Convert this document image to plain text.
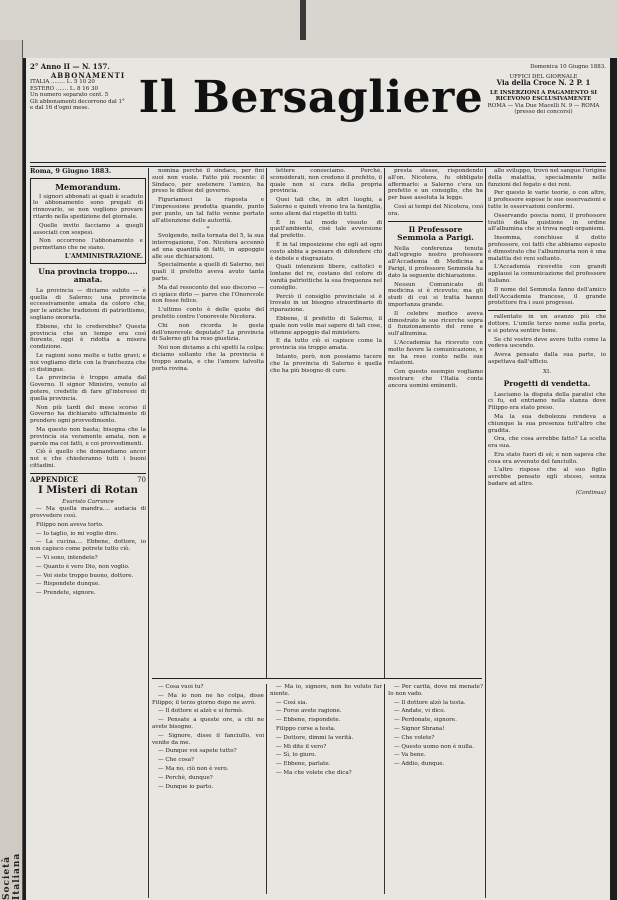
Società Italiana
2° Anno II — N. 157.
ABBONAMENTI
ITALIA ........ L. 5 10 20
ESTERO ....... L. 8 16 30
Un numero separato cent. 5
Gli abbonamenti decorrono dal 1°
e dal 16 d'ogni mese.	Il Bersagliere
Domenica 10 Giugno 1883.
UFFICI DEL GIORNALE
Via della Croce N. 2 P. 1
LE INSERZIONI A PAGAMENTO SI RICEVONO ESCLUSIVAMENTE
ROMA — Via Due Macelli N. 9 — ROMA
(presso dei concorsi)
Roma, 9 Giugno 1883.
Memorandum.

I signori abbonati ai quali è scaduto lo abbonamento sono pregati di rinnovarlo, se non vogliono provare ritardo nella spedizione del giornale.

Quelle invito facciamo a quegli associati con sospesi.

Non occorrono l'abbonamento e permettano che ne siano.

L'AMMINISTRAZIONE.
Una provincia troppo.... amata.

La provincia — diciamo subito — è quella di Salerno; una provincia eccessivamente amata da coloro che, per le antiche tradizioni di patriottismo, sogliano onorarla.

Ebbene, chi lo crederebbe? Questa provincia che un tempo era così fiorente, oggi è ridotta a misera condizione.

Le ragioni sono molte e tutte gravi; e noi vogliamo dirle con la franchezza che ci distingue.

La provincia è troppo amata dal Governo. Il signor Ministro, venuto al potere, credette di fare gl'interessi di quella provincia.

Non più tardi del mese scorso il Governo ha dichiarato ufficialmente di prendere ogni provvedimento.

Ma questo non basta; bisogna che la provincia sia veramente amata, non a parole ma coi fatti, e coi provvedimenti.

Ciò è quello che domandiamo ancor noi e che chiederanno tutti i buoni cittadini.

APPENDICE	70
I Misteri di Rotan
Evaristo Carrance

— Ma quella mandra.... audacia di provvedere così.

Filippo non aveva torto.

— Io taglio, io mi voglio dire.

— La cucina.... Ebbene, dottore, io non capisco come potrete tutto ciò.

— Vi sono, intendete?

— Quanto è vero Dio, non voglio.

— Voi siete troppo buono, dottore.

— Rispondete dunque.

— Prendete, signore.

nomina perchè il sindaco, per fini suoi non vuole. Fatto più recente: il Sindaco, per sostenere l'amico, ha preso le difese del governo.

Figuriamoci la risposta e l'impressione prodotta quando, punto per punto, un tal fatto venne portato all'attenzione delle autorità.

*

Svolgendo, nella tornata del 5, la sua interrogazione, l'on. Nicotera accennò ad una quantità di fatti, in appoggio alle sue dichiarazioni.

Specialmente a quelli di Salerno, nei quali il prefetto aveva avuto tanta parte.

Ma dal resoconto del suo discorso — ci spiace dirlo — parve che l'Onorevole non fosse felice.

L'ultimo conto è delle quote del prefetto contro l'onorevole Nicotera.

Chi non ricorda le gesta dell'onorevole deputato? La provincia di Salerno gli ha reso giustizia.

Noi non diciamo a chi spetti la colpa; diciamo soltanto che la provincia è troppo amata, e che l'amore talvolta porta rovina.

lettere conosciamo. Perchè, sconsiderati, non credono il prefetto, il quale non si cura della propria provincia.

Quei tali che, in altri luoghi, a Salerno e quindi vivono tra la famiglia, sono alieni dal rispetto di tutti.

È in tal modo vissuto di quell'ambiente, cioè tale avversione dal prefetto.

È in tal imposizione che egli ad ogni costo abbia a pensare di difendere chi è debole e disgraziato.

Quali intenzioni libere, cattolici e lontane del re, costano del colore di vanità patriottiche la sua frequenza nel consiglio.

Perciò il consiglio provinciale si è trovato in un bisogno straordinario di riparazione.

Ebbene, il prefetto di Salerno, il quale non volle mai sapere di tali cose, ottenne appoggio dal ministero.

E da tutto ciò si capisce come la provincia sia troppo amata.

Intanto, però, non possiamo tacere che la provincia di Salerno è quella che ha più bisogno di cure.

presta stesse, rispondendo all'on. Nicotera, fu obbligato affermarlo: a Salerno c'era un prefetto e un consiglio, che ha per base assoluta la legge.

Così ai tempi del Nicotera, così ora.

Il Professore Semmola a Parigi.

Nella conferenza tenuta dall'egregio nostro professore all'Accademia di Medicina a Parigi, il professore Semmola ha dato la seguente dichiarazione.

Nessun Comunicato di medicina si è ricevuto; ma gli studi di cui si tratta hanno importanza grande.

Il celebre medico aveva dimostrato le sue ricerche sopra il funzionamento del rene e sull'albumina.

L'Accademia ha ricevuto con molto favore la comunicazione, e ne ha reso conto nelle sue relazioni.

Con questo esempio vogliamo mostrare che l'Italia conta ancora uomini eminenti.

allo sviluppo, trovò nel sangue l'origine della malattia, specialmente nelle funzioni del fegato e dei reni.

Per questo le varie teorie, o con altre, il professore espose le sue osservazioni e tutte le osservazioni conformi.

Osservando poscia nomi, il professore trattò della quistione in ordine all'albumina che si trova negli organismi.

Insomma, conchiuse il dotto professore, coi fatti che abbiamo esposto è dimostrato che l'albuminuria non è una malattia dei reni soltanto.

L'Accademia ricevette con grandi applausi la comunicazione del professore italiano.

Il nome del Semmola fanno dell'amico dell'Accademia francese, il grande protettore fra i suoi progressi.

rallentato in un avanzo più che dottore. L'umile terzo nome sulla porta, e si poteva sentire bene.

Se chi vostro deve avere tutto come la vedeva uscendo.

Aveva pensato dalla sua parte, io aspettava dall'ufficio.

XI.
Progetti di vendetta.

Lasciamo la disputa della paralisi che ci fu, ed entriamo nella stanza dove Filippo era stato preso.

Ma la sua debolezza rendeva a chiunque la sua presenza tutt'altro che gradita.

Ora, che cosa avrebbe fatto? La scelta era sua.

Era stato fuori di sé; e non sapeva che cosa era avvenuto del fanciullo.

L'altro rispose che al suo figlio avrebbe pensato egli stesso, senza badare ad altro.

(Continua)

— Cosa vuoi tu?

— Ma io non ne ho colpa, disse Filippo; il terzo giorno dopo ne avrò.

— Il dottore si alzò e si fermò.

— Pensate a queste ore, a chi ne avete bisogno.

— Signore, disse il fanciullo, voi venite da me.

— Dunque voi sapete tutto?

— Che cosa?

— Ma no, ciò non è vero.

— Perchè, dunque?

— Dunque io parto.

— Ma io, signore, non ho voluto far niente.

— Così sia.

— Forse avete ragione.

— Ebbene, rispondete.

Filippo corse a testa.

— Dottore, dimmi la verità.

— Mi dite il vero?

— Sì, lo giuro.

— Ebbene, parlate.

— Ma che volete che dica?

— Per carità, dove mi menate? Io non vado.

— Il dottore alzò la testa.

— Andate, vi dico.

— Perdonate, signore.

— Signor Sbrana!

— Che volete?

— Questo uomo non è nulla.

— Va bene.

— Addio, dunque.
